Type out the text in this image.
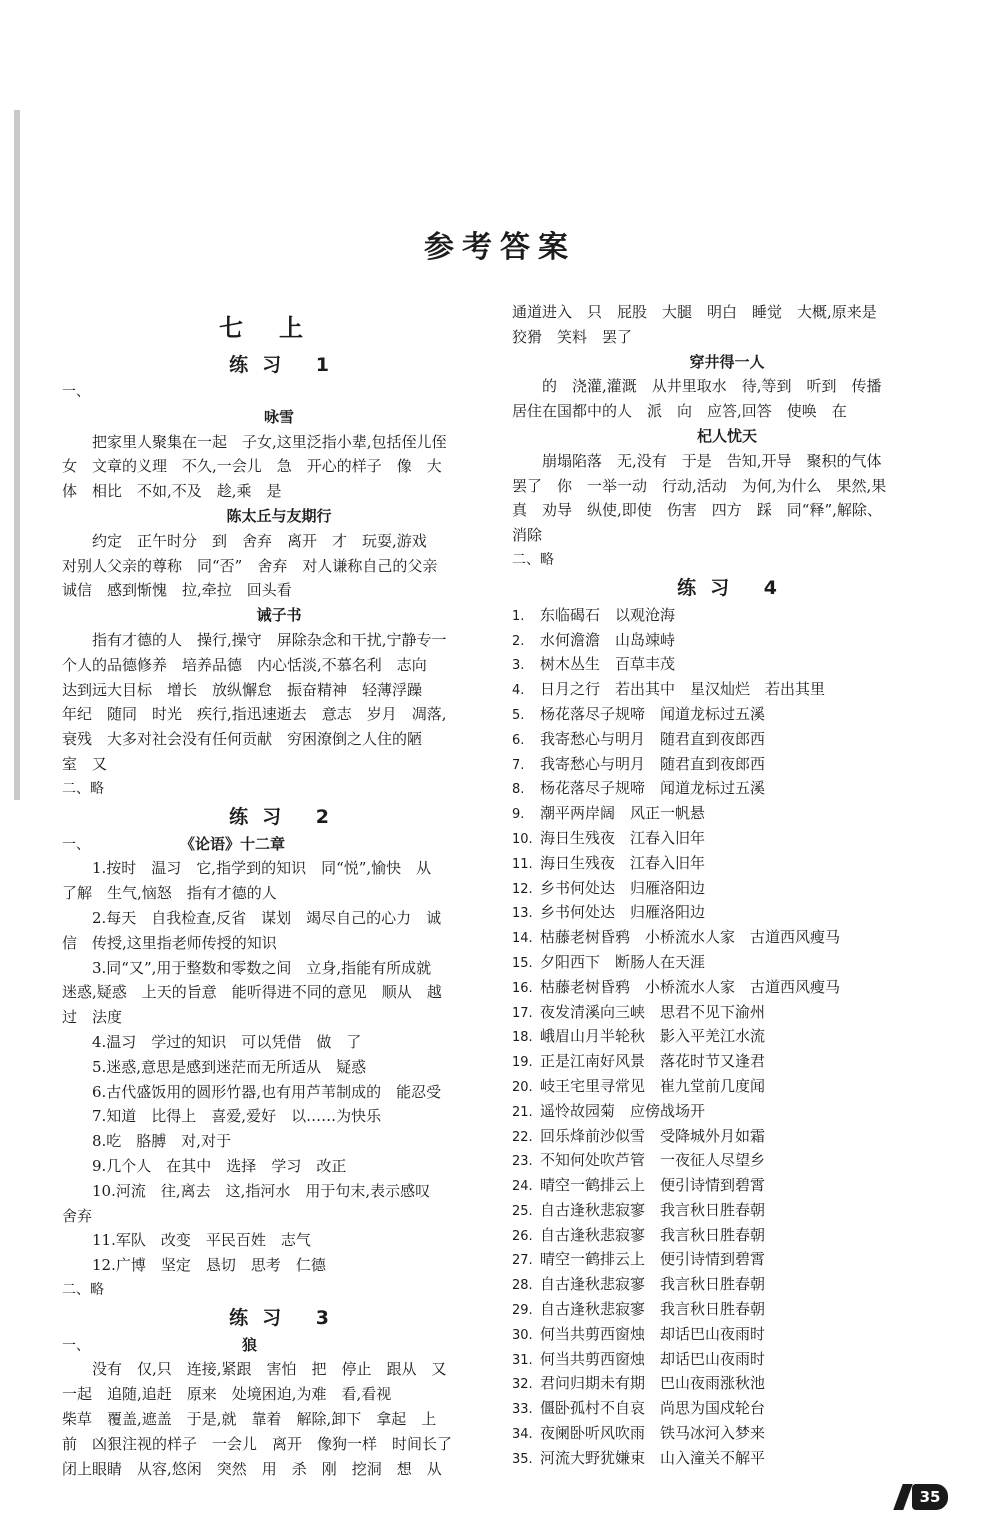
参考答案
七上
练习 1
一、
咏雪
把家里人聚集在一起　子女,这里泛指小辈,包括侄儿侄
女　文章的义理　不久,一会儿　急　开心的样子　像　大
体　相比　不如,不及　趁,乘　是
陈太丘与友期行
约定　正午时分　到　舍弃　离开　才　玩耍,游戏
对别人父亲的尊称　同“否”　舍弃　对人谦称自己的父亲
诚信　感到惭愧　拉,牵拉　回头看
诫子书
指有才德的人　操行,操守　屏除杂念和干扰,宁静专一
个人的品德修养　培养品德　内心恬淡,不慕名利　志向
达到远大目标　增长　放纵懈怠　振奋精神　轻薄浮躁
年纪　随同　时光　疾行,指迅速逝去　意志　岁月　凋落,
衰残　大多对社会没有任何贡献　穷困潦倒之人住的陋
室　又
二、略
练习 2
一、	《论语》十二章
1.按时　温习　它,指学到的知识　同“悦”,愉快　从
了解　生气,恼怒　指有才德的人
2.每天　自我检查,反省　谋划　竭尽自己的心力　诚
信　传授,这里指老师传授的知识
3.同“又”,用于整数和零数之间　立身,指能有所成就
迷惑,疑惑　上天的旨意　能听得进不同的意见　顺从　越
过　法度
4.温习　学过的知识　可以凭借　做　了
5.迷惑,意思是感到迷茫而无所适从　疑惑
6.古代盛饭用的圆形竹器,也有用芦苇制成的　能忍受
7.知道　比得上　喜爱,爱好　以……为快乐
8.吃　胳膊　对,对于
9.几个人　在其中　选择　学习　改正
10.河流　往,离去　这,指河水　用于句末,表示感叹
舍弃
11.军队　改变　平民百姓　志气
12.广博　坚定　恳切　思考　仁德
二、略
练习 3
一、	狼
没有　仅,只　连接,紧跟　害怕　把　停止　跟从　又
一起　追随,追赶　原来　处境困迫,为难　看,看视
柴草　覆盖,遮盖　于是,就　靠着　解除,卸下　拿起　上
前　凶狠注视的样子　一会儿　离开　像狗一样　时间长了
闭上眼睛　从容,悠闲　突然　用　杀　刚　挖洞　想　从
通道进入　只　屁股　大腿　明白　睡觉　大概,原来是
狡猾　笑料　罢了
穿井得一人
的　浇灌,灌溉　从井里取水　待,等到　听到　传播
居住在国都中的人　派　向　应答,回答　使唤　在
杞人忧天
崩塌陷落　无,没有　于是　告知,开导　聚积的气体
罢了　你　一举一动　行动,活动　为何,为什么　果然,果
真　劝导　纵使,即使　伤害　四方　踩　同“释”,解除、
消除
二、略
练习 4
1. 东临碣石　 以观沧海
2. 水何澹澹　 山岛竦峙
3. 树木丛生　 百草丰茂
4. 日月之行　 若出其中　星汉灿烂　若出其里
5. 杨花落尽子规啼　 闻道龙标过五溪
6. 我寄愁心与明月　 随君直到夜郎西
7. 我寄愁心与明月　 随君直到夜郎西
8. 杨花落尽子规啼　 闻道龙标过五溪
9. 潮平两岸阔　 风正一帆悬
10. 海日生残夜　 江春入旧年
11. 海日生残夜　 江春入旧年
12. 乡书何处达　 归雁洛阳边
13. 乡书何处达　 归雁洛阳边
14. 枯藤老树昏鸦　 小桥流水人家　古道西风瘦马
15. 夕阳西下　 断肠人在天涯
16. 枯藤老树昏鸦　 小桥流水人家　古道西风瘦马
17. 夜发清溪向三峡　 思君不见下渝州
18. 峨眉山月半轮秋　 影入平羌江水流
19. 正是江南好风景　 落花时节又逢君
20. 岐王宅里寻常见　 崔九堂前几度闻
21. 遥怜故园菊　 应傍战场开
22. 回乐烽前沙似雪　 受降城外月如霜
23. 不知何处吹芦管　 一夜征人尽望乡
24. 晴空一鹤排云上　 便引诗情到碧霄
25. 自古逢秋悲寂寥　 我言秋日胜春朝
26. 自古逢秋悲寂寥　 我言秋日胜春朝
27. 晴空一鹤排云上　 便引诗情到碧霄
28. 自古逢秋悲寂寥　 我言秋日胜春朝
29. 自古逢秋悲寂寥　 我言秋日胜春朝
30. 何当共剪西窗烛　 却话巴山夜雨时
31. 何当共剪西窗烛　 却话巴山夜雨时
32. 君问归期未有期　 巴山夜雨涨秋池
33. 僵卧孤村不自哀　 尚思为国戍轮台
34. 夜阑卧听风吹雨　 铁马冰河入梦来
35. 河流大野犹嫌束　 山入潼关不解平
35
